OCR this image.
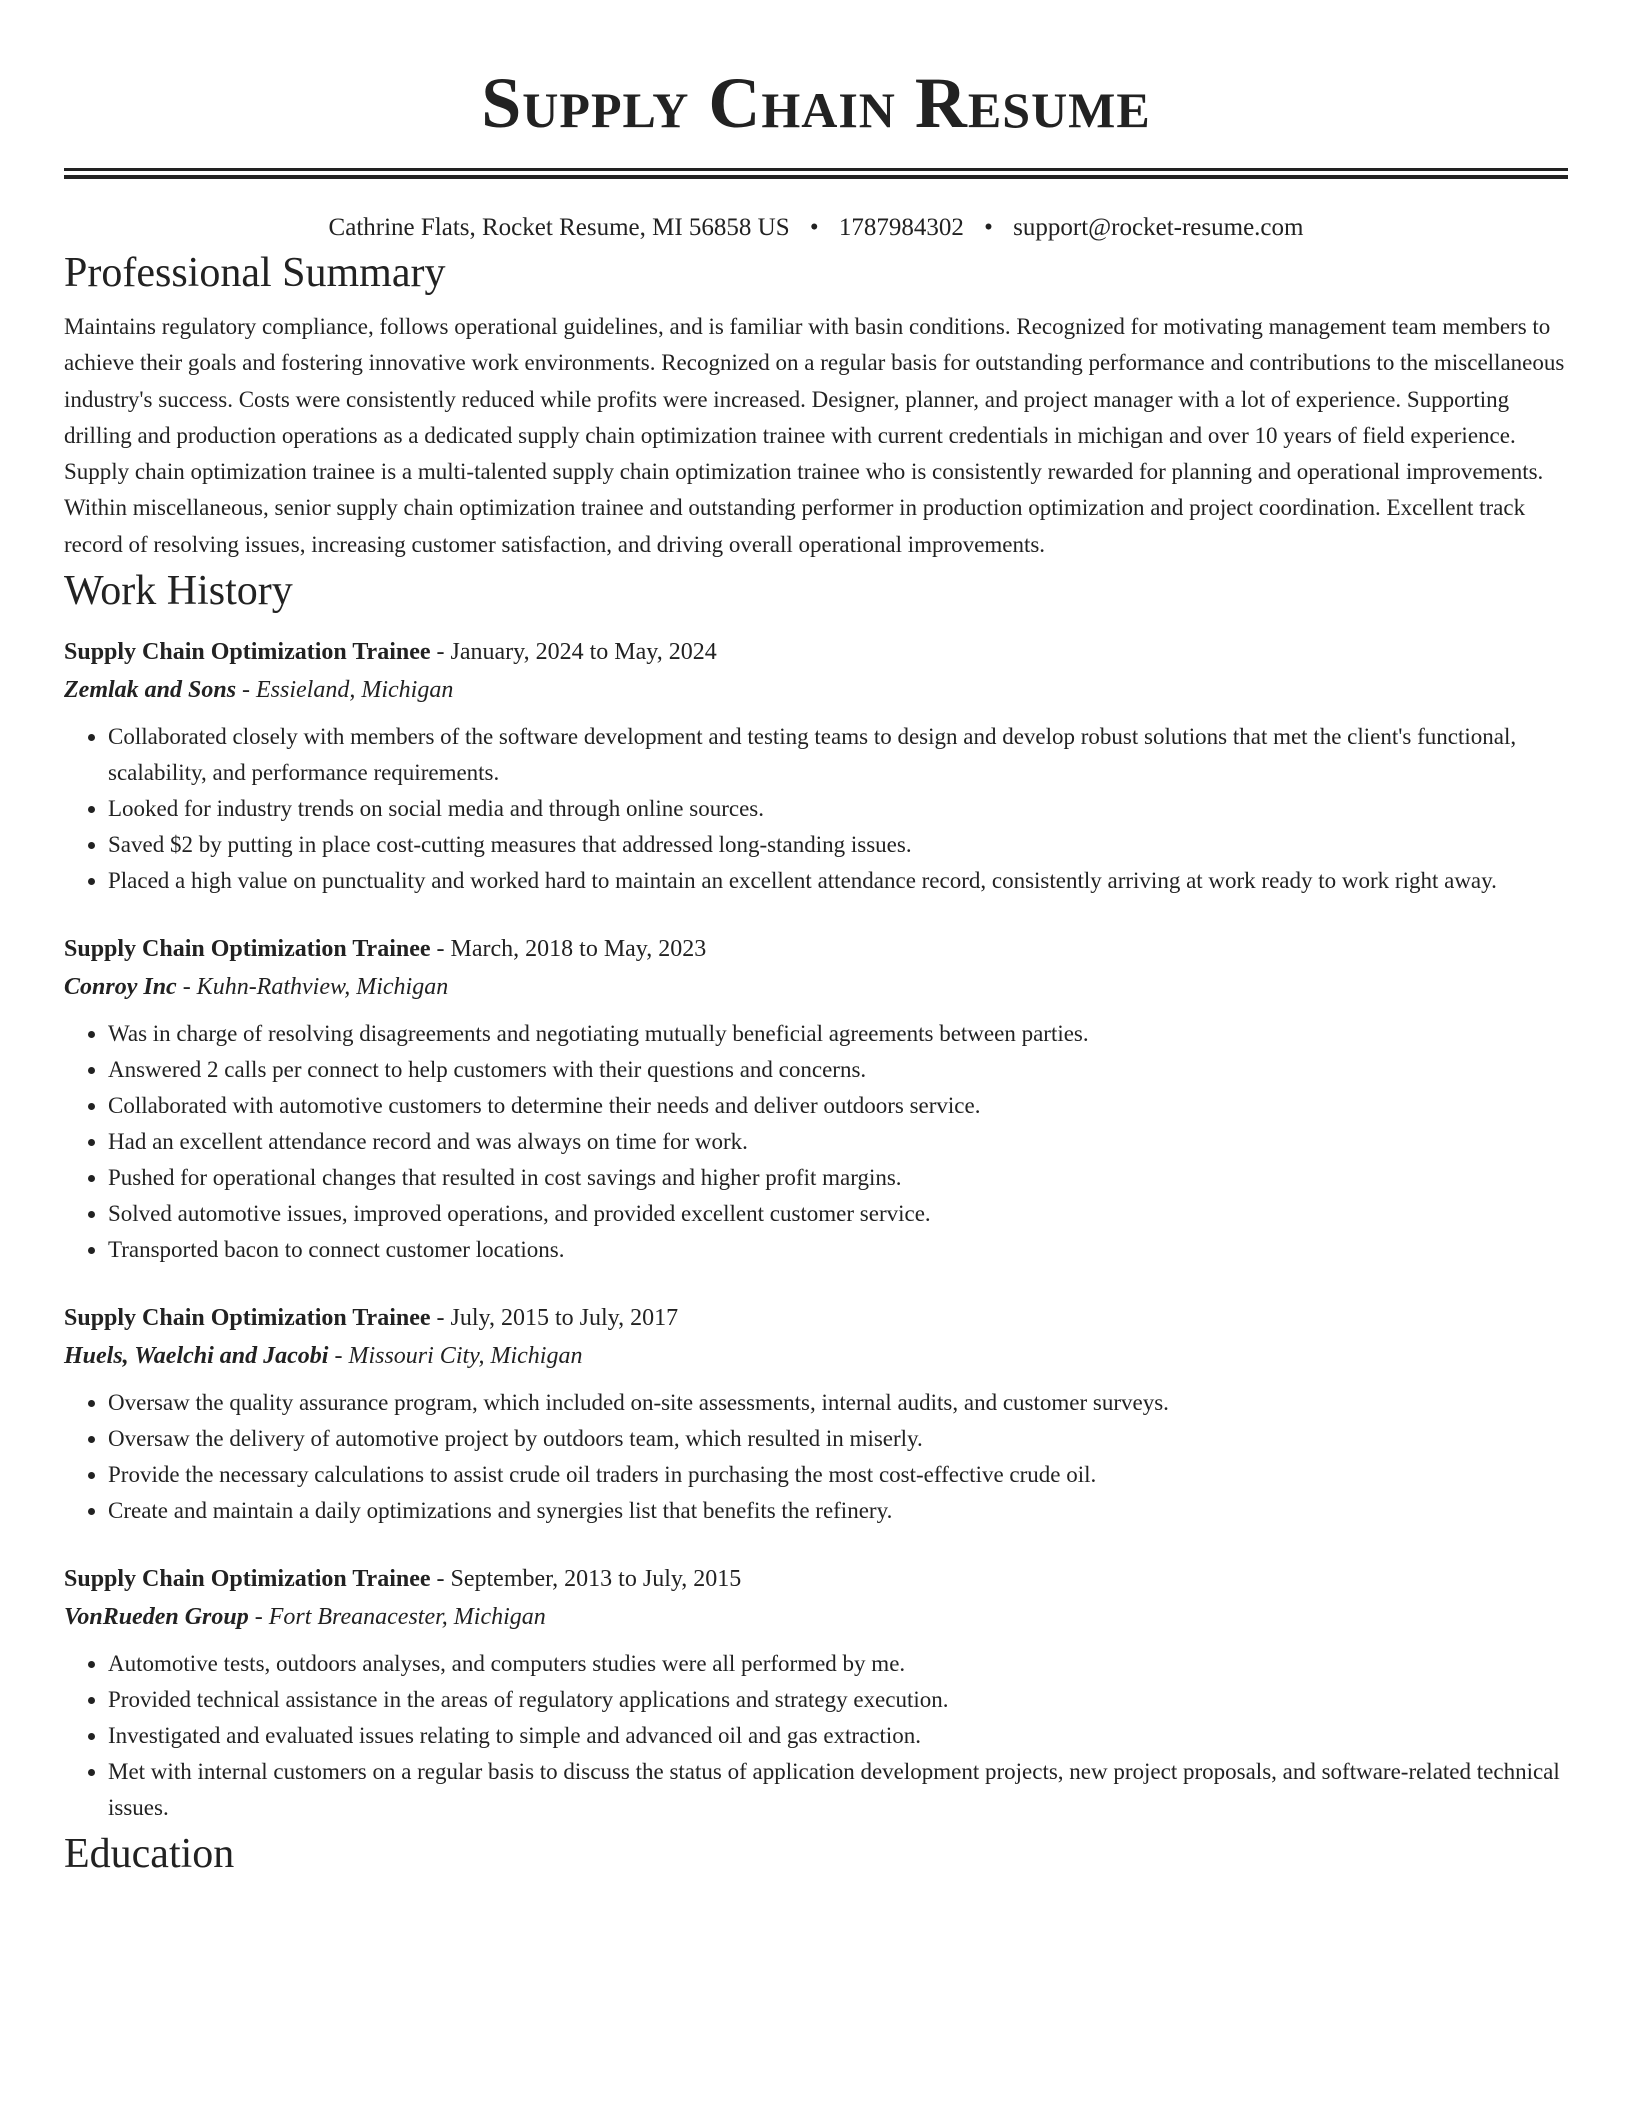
Supply Chain Resume
Cathrine Flats, Rocket Resume, MI 56858 US • 1787984302 • support@rocket-resume.com
Professional Summary

Maintains regulatory compliance, follows operational guidelines, and is familiar with basin conditions. Recognized for motivating management team members to achieve their goals and fostering innovative work environments. Recognized on a regular basis for outstanding performance and contributions to the miscellaneous industry's success. Costs were consistently reduced while profits were increased. Designer, planner, and project manager with a lot of experience. Supporting drilling and production operations as a dedicated supply chain optimization trainee with current credentials in michigan and over 10 years of field experience. Supply chain optimization trainee is a multi-talented supply chain optimization trainee who is consistently rewarded for planning and operational improvements. Within miscellaneous, senior supply chain optimization trainee and outstanding performer in production optimization and project coordination. Excellent track record of resolving issues, increasing customer satisfaction, and driving overall operational improvements.

Work History
Supply Chain Optimization Trainee - January, 2024 to May, 2024
Zemlak and Sons - Essieland, Michigan
• Collaborated closely with members of the software development and testing teams to design and develop robust solutions that met the client's functional, scalability, and performance requirements.
• Looked for industry trends on social media and through online sources.
• Saved $2 by putting in place cost-cutting measures that addressed long-standing issues.
• Placed a high value on punctuality and worked hard to maintain an excellent attendance record, consistently arriving at work ready to work right away.
Supply Chain Optimization Trainee - March, 2018 to May, 2023
Conroy Inc - Kuhn-Rathview, Michigan
• Was in charge of resolving disagreements and negotiating mutually beneficial agreements between parties.
• Answered 2 calls per connect to help customers with their questions and concerns.
• Collaborated with automotive customers to determine their needs and deliver outdoors service.
• Had an excellent attendance record and was always on time for work.
• Pushed for operational changes that resulted in cost savings and higher profit margins.
• Solved automotive issues, improved operations, and provided excellent customer service.
• Transported bacon to connect customer locations.
Supply Chain Optimization Trainee - July, 2015 to July, 2017
Huels, Waelchi and Jacobi - Missouri City, Michigan
• Oversaw the quality assurance program, which included on-site assessments, internal audits, and customer surveys.
• Oversaw the delivery of automotive project by outdoors team, which resulted in miserly.
• Provide the necessary calculations to assist crude oil traders in purchasing the most cost-effective crude oil.
• Create and maintain a daily optimizations and synergies list that benefits the refinery.
Supply Chain Optimization Trainee - September, 2013 to July, 2015
VonRueden Group - Fort Breanacester, Michigan
• Automotive tests, outdoors analyses, and computers studies were all performed by me.
• Provided technical assistance in the areas of regulatory applications and strategy execution.
• Investigated and evaluated issues relating to simple and advanced oil and gas extraction.
• Met with internal customers on a regular basis to discuss the status of application development projects, new project proposals, and software-related technical issues.
Education
